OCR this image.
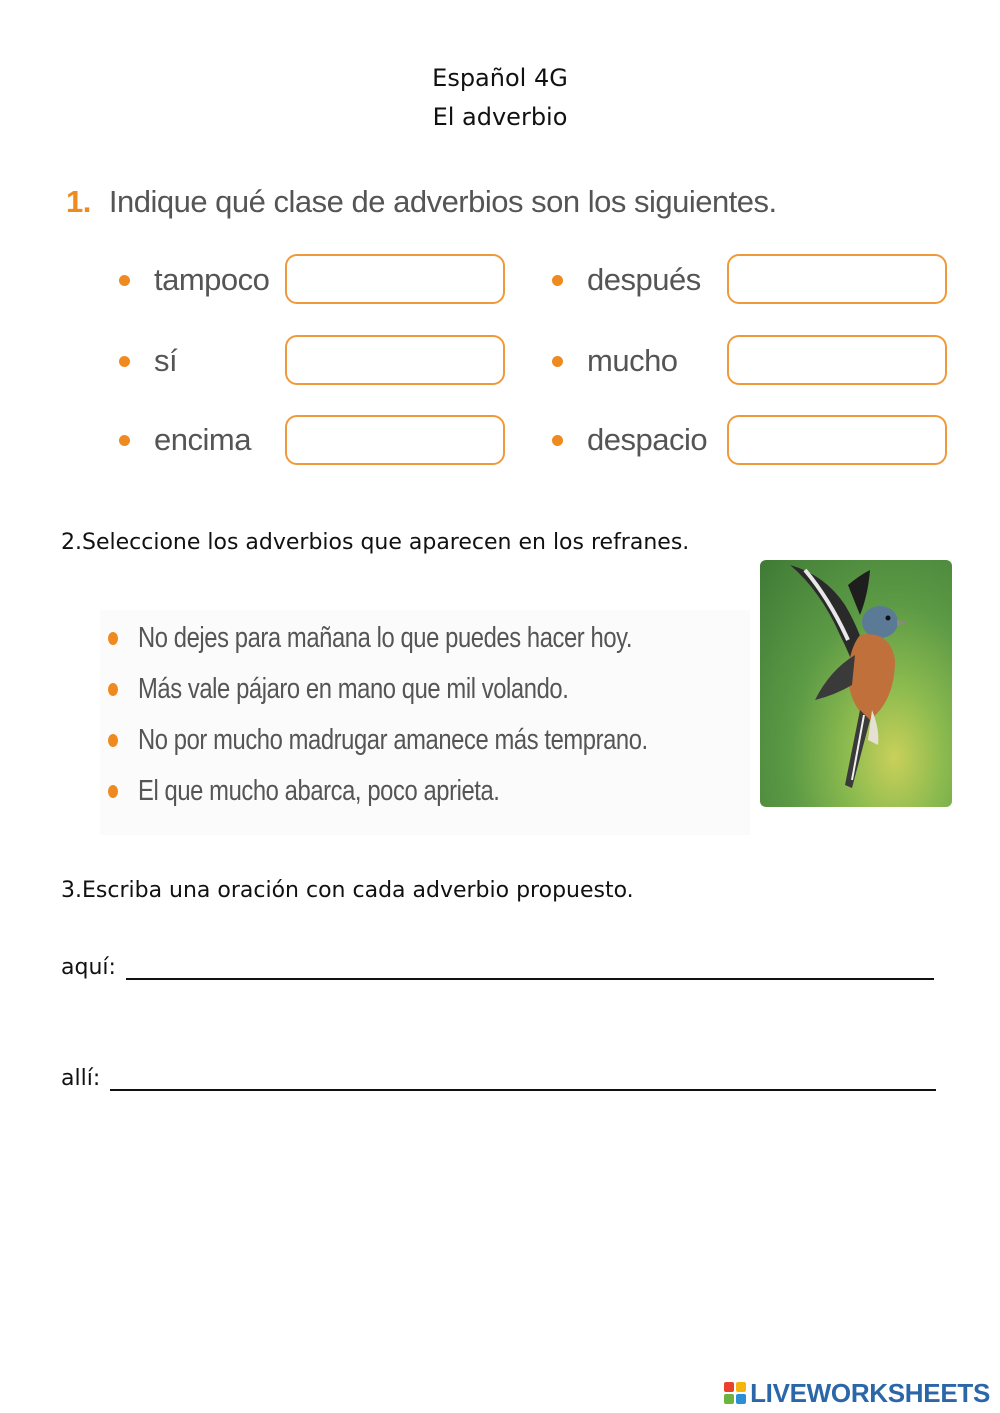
Español 4G
El adverbio
1. Indique qué clase de adverbios son los siguientes.
tampoco
sí
encima
después
mucho
despacio
2.Seleccione los adverbios que aparecen en los refranes.
No dejes para mañana lo que puedes hacer hoy.
Más vale pájaro en mano que mil volando.
No por mucho madrugar amanece más temprano.
El que mucho abarca, poco aprieta.
3.Escriba una oración con cada adverbio propuesto.
aquí:
allí:
LIVEWORKSHEETS
